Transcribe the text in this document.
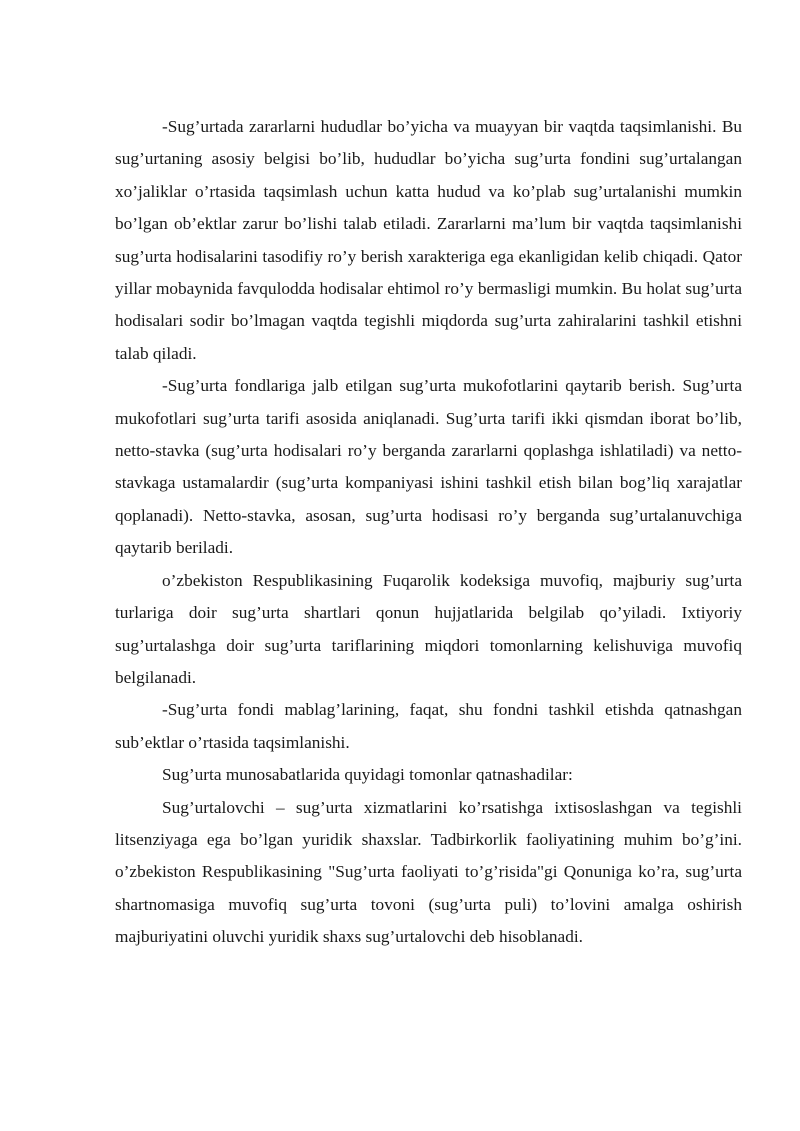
-Sug’urtada zararlarni hududlar bo’yicha va muayyan bir vaqtda taqsimlanishi. Bu sug’urtaning asosiy belgisi bo’lib, hududlar bo’yicha sug’urta fondini sug’urtalangan xo’jaliklar o’rtasida taqsimlash uchun katta hudud va ko’plab sug’urtalanishi mumkin bo’lgan ob’ektlar zarur bo’lishi talab etiladi. Zararlarni ma’lum bir vaqtda taqsimlanishi sug’urta hodisalarini tasodifiy ro’y berish xarakteriga ega ekanligidan kelib chiqadi. Qator yillar mobaynida favqulodda hodisalar ehtimol ro’y bermasligi mumkin. Bu holat sug’urta hodisalari sodir bo’lmagan vaqtda tegishli miqdorda sug’urta zahiralarini tashkil etishni talab qiladi.

-Sug’urta fondlariga jalb etilgan sug’urta mukofotlarini qaytarib berish. Sug’urta mukofotlari sug’urta tarifi asosida aniqlanadi. Sug’urta tarifi ikki qismdan iborat bo’lib, netto-stavka (sug’urta hodisalari ro’y berganda zararlarni qoplashga ishlatiladi) va netto-stavkaga ustamalardir (sug’urta kompaniyasi ishini tashkil etish bilan bog’liq xarajatlar qoplanadi). Netto-stavka, asosan, sug’urta hodisasi ro’y berganda sug’urtalanuvchiga qaytarib beriladi.

o’zbekiston Respublikasining Fuqarolik kodeksiga muvofiq, majburiy sug’urta turlariga doir sug’urta shartlari qonun hujjatlarida belgilab qo’yiladi. Ixtiyoriy sug’urtalashga doir sug’urta tariflarining miqdori tomonlarning kelishuviga muvofiq belgilanadi.

-Sug’urta fondi mablag’larining, faqat, shu fondni tashkil etishda qatnashgan sub’ektlar o’rtasida taqsimlanishi.

Sug’urta munosabatlarida quyidagi tomonlar qatnashadilar:

Sug’urtalovchi – sug’urta xizmatlarini ko’rsatishga ixtisoslashgan va tegishli litsenziyaga ega bo’lgan yuridik shaxslar. Tadbirkorlik faoliyatining muhim bo’g’ini. o’zbekiston Respublikasining "Sug’urta faoliyati to’g’risida"gi Qonuniga ko’ra, sug’urta shartnomasiga muvofiq sug’urta tovoni (sug’urta puli) to’lovini amalga oshirish majburiyatini oluvchi yuridik shaxs sug’urtalovchi deb hisoblanadi.
